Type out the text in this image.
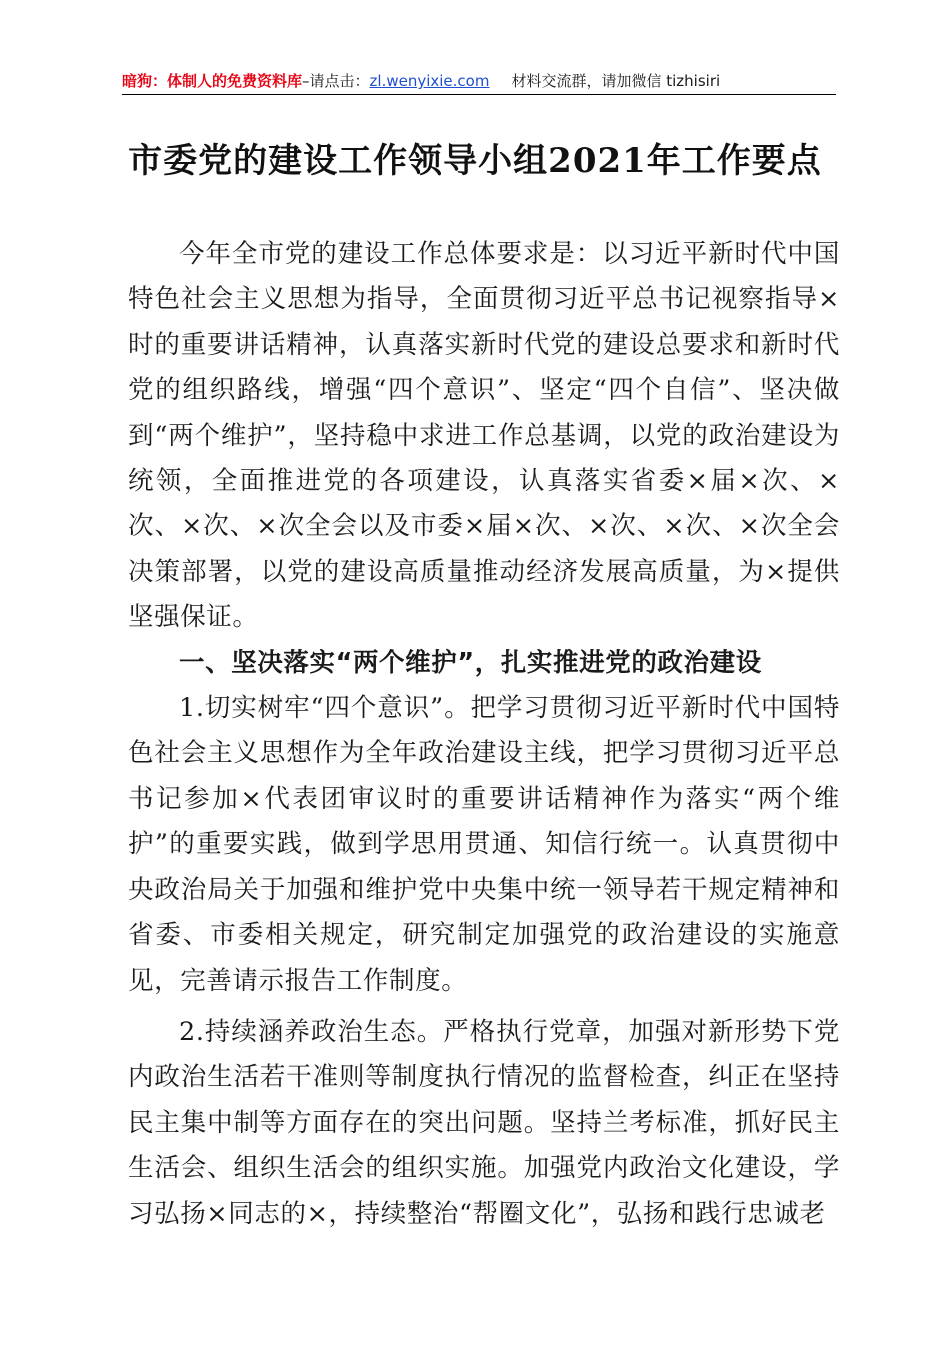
暗狗：体制人的免费资料库–请点击：zl.wenyixie.com 材料交流群，请加微信 tizhisiri
市委党的建设工作领导小组2021年工作要点

今年全市党的建设工作总体要求是：以习近平新时代中国特色社会主义思想为指导，全面贯彻习近平总书记视察指导×时的重要讲话精神，认真落实新时代党的建设总要求和新时代党的组织路线，增强“四个意识”、坚定“四个自信”、坚决做到“两个维护”，坚持稳中求进工作总基调，以党的政治建设为统领，全面推进党的各项建设，认真落实省委×届×次、×次、×次、×次全会以及市委×届×次、×次、×次、×次全会决策部署，以党的建设高质量推动经济发展高质量，为×提供坚强保证。

一、坚决落实“两个维护”，扎实推进党的政治建设

1.切实树牢“四个意识”。把学习贯彻习近平新时代中国特色社会主义思想作为全年政治建设主线，把学习贯彻习近平总书记参加×代表团审议时的重要讲话精神作为落实“两个维护”的重要实践，做到学思用贯通、知信行统一。认真贯彻中央政治局关于加强和维护党中央集中统一领导若干规定精神和省委、市委相关规定，研究制定加强党的政治建设的实施意见，完善请示报告工作制度。

2.持续涵养政治生态。严格执行党章，加强对新形势下党内政治生活若干准则等制度执行情况的监督检查，纠正在坚持民主集中制等方面存在的突出问题。坚持兰考标准，抓好民主生活会、组织生活会的组织实施。加强党内政治文化建设，学习弘扬×同志的×，持续整治“帮圈文化”，弘扬和践行忠诚老
